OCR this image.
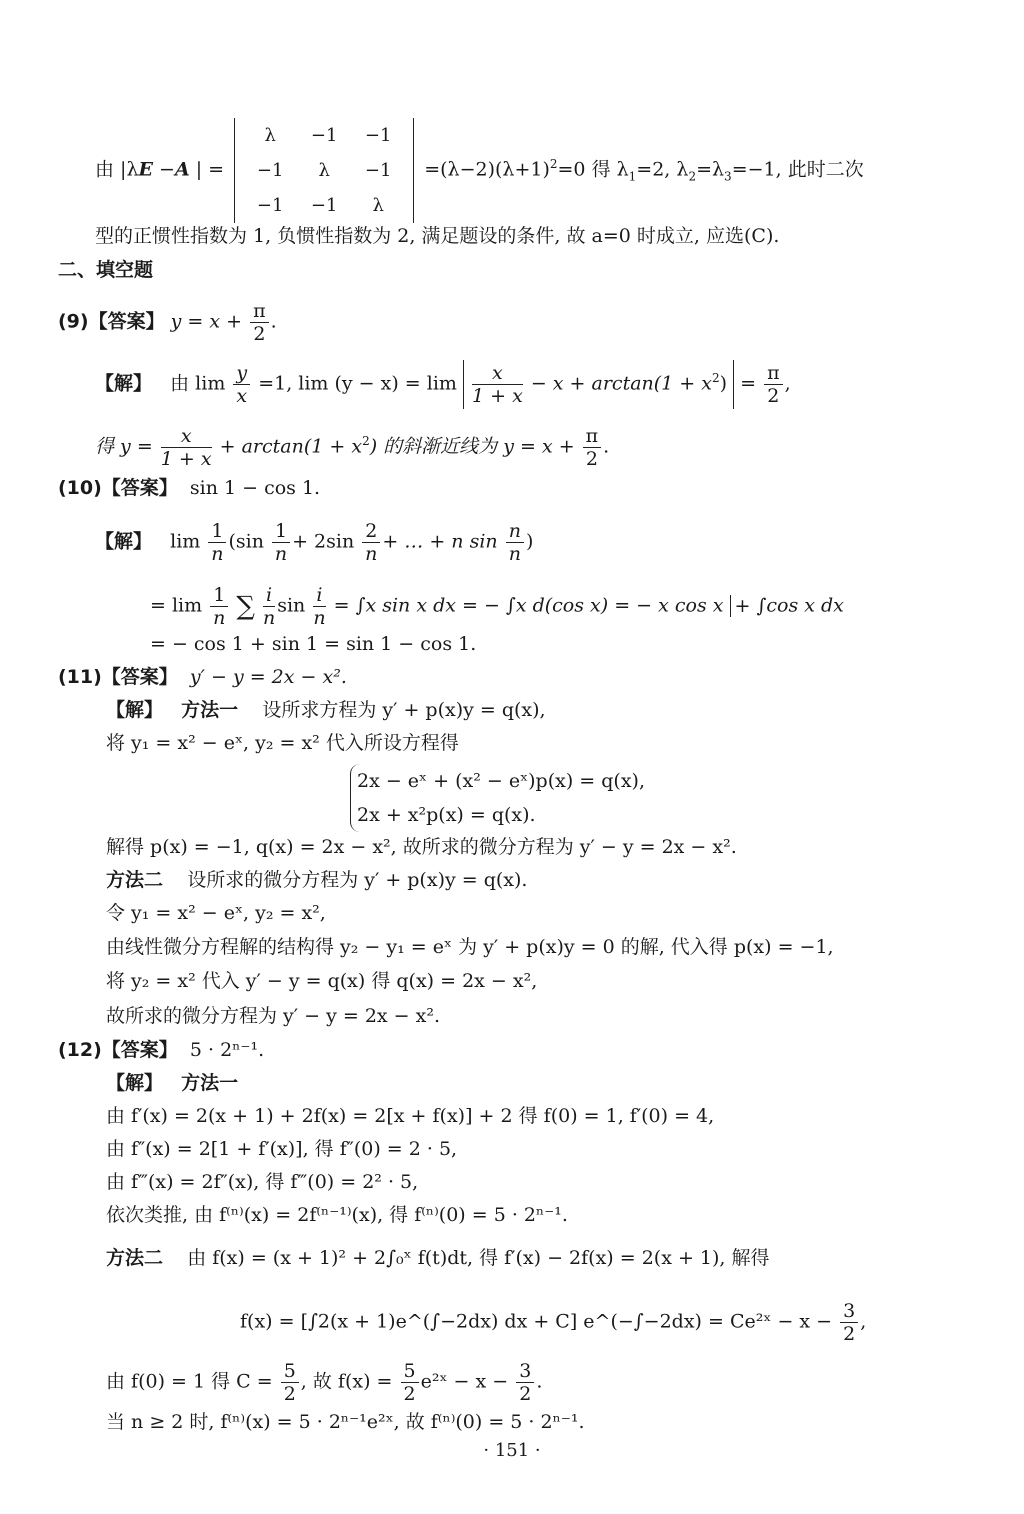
由 |λE −A | =
λ	−1	−1
−1	λ	−1
−1	−1	λ
$=(\lambda-2)(\lambda+1)^2=0$ 得 $\lambda_1=2$, $\lambda_2=\lambda_3=-1$, 此时二次
型的正惯性指数为 1, 负惯性指数为 2, 满足题设的条件, 故 a=0 时成立, 应选(C).
二、填空题
(9)【答案】 $y = x + \frac{\pi}{2}$ .
【解】 由 $\lim \frac{y}{x} =1$, $\lim (y - x) = \lim \frac{x}{1 + x} - x + \arctan(1 + x^2) = \frac{\pi}{2}$ ,
得 $y = \frac{x}{1 + x} + \arctan(1 + x^2)$ 的斜渐近线为 $y = x + \frac{\pi}{2}$ .
(10)【答案】 sin 1 − cos 1.
【解】 $\lim \frac{1}{n} (\sin \frac{1}{n} + 2\sin \frac{2}{n}$ + … + n $\sin \frac{n}{n}$ )
= $\lim \frac{1}{n}$ ∑ $\frac{i}{n}$ $\sin \frac{i}{n} = \int x$ sin x dx = − ∫x d(cos x) = − x cos x + ∫cos x dx
= − cos 1 + sin 1 = sin 1 − cos 1.
(11)【答案】 y′ − y = 2x − x².
【解】 方法一 设所求方程为 y′ + p(x)y = q(x),
将 y₁ = x² − eˣ, y₂ = x² 代入所设方程得
2x − eˣ + (x² − eˣ)p(x) = q(x),
2x + x²p(x) = q(x).
解得 p(x) = −1, q(x) = 2x − x², 故所求的微分方程为 y′ − y = 2x − x².
方法二 设所求的微分方程为 y′ + p(x)y = q(x).
令 y₁ = x² − eˣ, y₂ = x²,
由线性微分方程解的结构得 y₂ − y₁ = eˣ 为 y′ + p(x)y = 0 的解, 代入得 p(x) = −1,
将 y₂ = x² 代入 y′ − y = q(x) 得 q(x) = 2x − x²,
故所求的微分方程为 y′ − y = 2x − x².
(12)【答案】 5 · 2ⁿ⁻¹.
【解】 方法一
由 f′(x) = 2(x + 1) + 2f(x) = 2[x + f(x)] + 2 得 f(0) = 1, f′(0) = 4,
由 f″(x) = 2[1 + f′(x)], 得 f″(0) = 2 · 5,
由 f‴(x) = 2f″(x), 得 f‴(0) = 2² · 5,
依次类推, 由 f⁽ⁿ⁾(x) = 2f⁽ⁿ⁻¹⁾(x), 得 f⁽ⁿ⁾(0) = 5 · 2ⁿ⁻¹.
方法二 由 f(x) = (x + 1)² + 2∫₀ˣ f(t)dt, 得 f′(x) − 2f(x) = 2(x + 1), 解得
f(x) = [∫2(x + 1)e^(∫−2dx) dx + C] e^(−∫−2dx) = Ce²ˣ − $x - \frac{3}{2}$ ,
由 f(0) = 1 得 $C = \frac{5}{2}$ , 故 $f(x) = \frac{5}{2}$ e²ˣ − $x - \frac{3}{2}$ .
当 n ≥ 2 时, f⁽ⁿ⁾(x) = 5 · 2ⁿ⁻¹e²ˣ, 故 f⁽ⁿ⁾(0) = 5 · 2ⁿ⁻¹.
· 151 ·
